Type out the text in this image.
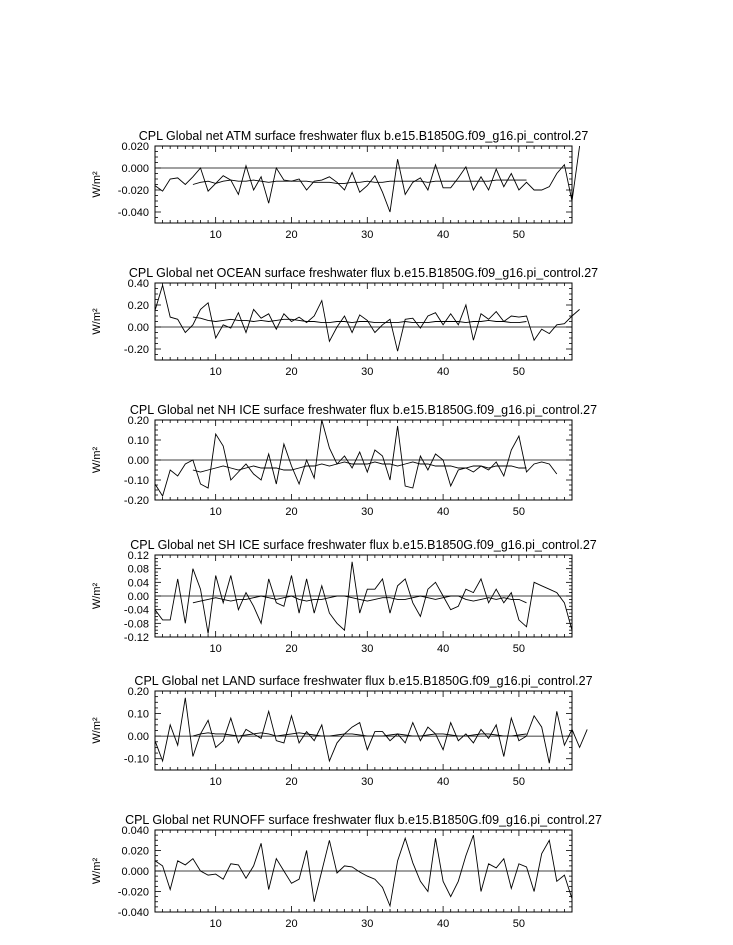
CPL Global net ATM surface freshwater flux b.e15.B1850G.f09_g16.pi_control.27
W/m²
10	20	30	40	50
0.020
0.000
-0.020
-0.040
CPL Global net OCEAN surface freshwater flux b.e15.B1850G.f09_g16.pi_control.27
W/m²
10	20	30	40	50
0.40
0.20
0.00
-0.20
CPL Global net NH ICE surface freshwater flux b.e15.B1850G.f09_g16.pi_control.27
W/m²
10	20	30	40	50
0.20
0.10
0.00
-0.10
-0.20
CPL Global net SH ICE surface freshwater flux b.e15.B1850G.f09_g16.pi_control.27
W/m²
10	20	30	40	50
0.12
0.08
0.04
0.00
-0.04
-0.08
-0.12
CPL Global net LAND surface freshwater flux b.e15.B1850G.f09_g16.pi_control.27
W/m²
10	20	30	40	50
0.20
0.10
0.00
-0.10
CPL Global net RUNOFF surface freshwater flux b.e15.B1850G.f09_g16.pi_control.27
W/m²
10	20	30	40	50
0.040
0.020
0.000
-0.020
-0.040
